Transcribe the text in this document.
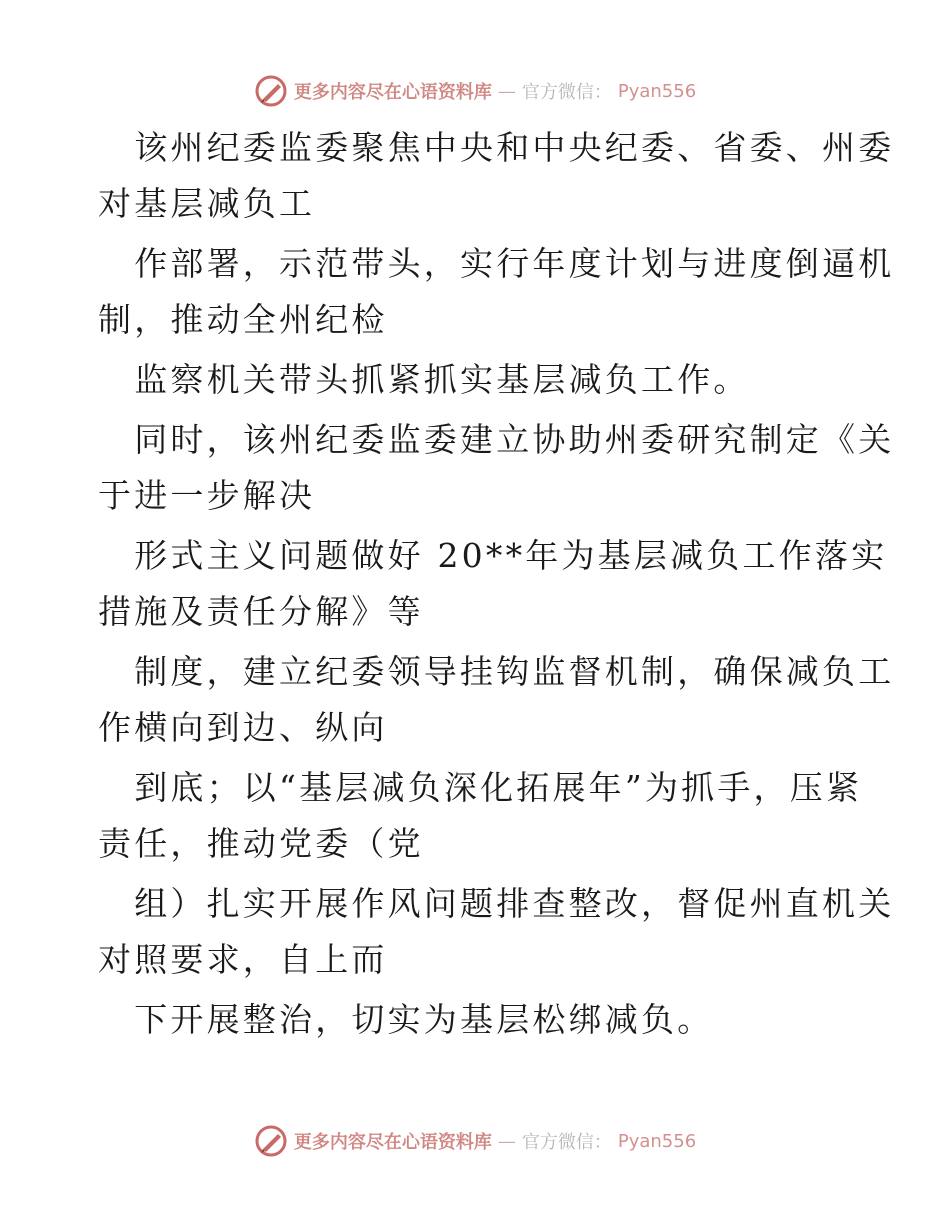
更多内容尽在心语资料库 — 官方微信： Pyan556
　该州纪委监委聚焦中央和中央纪委、省委、州委
对基层减负工
　作部署，示范带头，实行年度计划与进度倒逼机
制，推动全州纪检
　监察机关带头抓紧抓实基层减负工作。
　同时，该州纪委监委建立协助州委研究制定《关
于进一步解决
　形式主义问题做好 20**年为基层减负工作落实
措施及责任分解》等
　制度，建立纪委领导挂钩监督机制，确保减负工
作横向到边、纵向
　到底；以“基层减负深化拓展年”为抓手，压紧
责任，推动党委（党
　组）扎实开展作风问题排查整改，督促州直机关
对照要求，自上而
　下开展整治，切实为基层松绑减负。
更多内容尽在心语资料库 — 官方微信： Pyan556
